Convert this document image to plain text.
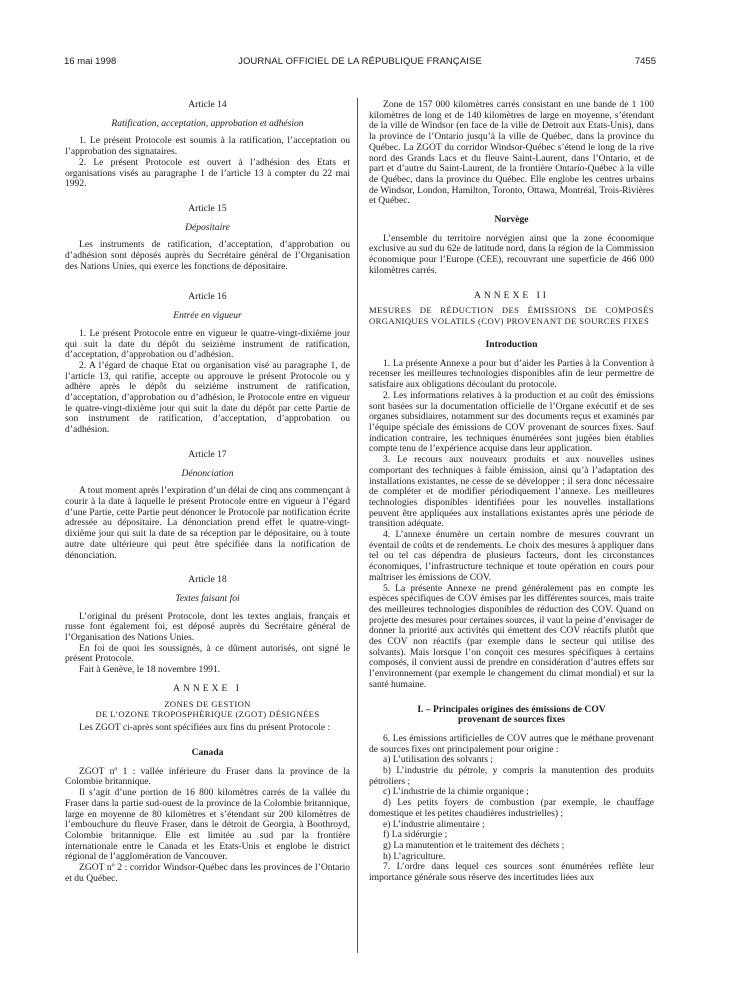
16 mai 1998	JOURNAL OFFICIEL DE LA RÉPUBLIQUE FRANÇAISE	7455
Article 14
Ratification, acceptation, approbation et adhésion

1. Le présent Protocole est soumis à la ratification, l’acceptation ou l’approbation des signataires.

2. Le présent Protocole est ouvert à l’adhésion des Etats et organisations visés au paragraphe 1 de l’article 13 à compter du 22 mai 1992.

Article 15
Dépositaire

Les instruments de ratification, d’acceptation, d’approbation ou d’adhésion sont déposés auprès du Secrétaire général de l’Organisation des Nations Unies, qui exerce les fonctions de dépositaire.

Article 16
Entrée en vigueur

1. Le présent Protocole entre en vigueur le quatre-vingt-dixième jour qui suit la date du dépôt du seizième instrument de ratification, d’acceptation, d’approbation ou d’adhésion.

2. A l’égard de chaque Etat ou organisation visé au paragraphe 1, de l’article 13, qui ratifie, accepte ou approuve le présent Protocole ou y adhère après le dépôt du seizième instrument de ratification, d’acceptation, d’approbation ou d’adhésion, le Protocole entre en vigueur le quatre-vingt-dixième jour qui suit la date du dépôt par cette Partie de son instrument de ratification, d’acceptation, d’approbation ou d’adhésion.

Article 17
Dénonciation

A tout moment après l’expiration d’un délai de cinq ans commençant à courir à la date à laquelle le présent Protocole entre en vigueur à l’égard d’une Partie, cette Partie peut dénoncer le Protocole par notification écrite adressée au dépositaire. La dénonciation prend effet le quatre-vingt-dixième jour qui suit la date de sa réception par le dépositaire, ou à toute autre date ultérieure qui peut être spécifiée dans la notification de dénonciation.

Article 18
Textes faisant foi

L’original du présent Protocole, dont les textes anglais, français et russe font également foi, est déposé auprès du Secrétaire général de l’Organisation des Nations Unies.

En foi de quoi les soussignés, à ce dûment autorisés, ont signé le présent Protocole.

Fait à Genève, le 18 novembre 1991.

ANNEXE I
ZONES DE GESTION
DE L’OZONE TROPOSPHÉRIQUE (ZGOT) DÉSIGNÉES

Les ZGOT ci-après sont spécifiées aux fins du présent Protocole :

Canada

ZGOT nº 1 : vallée inférieure du Fraser dans la province de la Colombie britannique.

Il s’agit d’une portion de 16 800 kilomètres carrés de la vallée du Fraser dans la partie sud-ouest de la province de la Colombie britannique, large en moyenne de 80 kilomètres et s’étendant sur 200 kilomètres de l’embouchure du fleuve Fraser, dans le détroit de Georgia, à Boothroyd, Colombie britannique. Elle est limitée au sud par la frontière internationale entre le Canada et les Etats-Unis et englobe le district régional de l’agglomération de Vancouver.

ZGOT nº 2 : corridor Windsor-Québec dans les provinces de l’Ontario et du Québec.

Zone de 157 000 kilomètres carrés consistant en une bande de 1 100 kilomètres de long et de 140 kilomètres de large en moyenne, s’étendant de la ville de Windsor (en face de la ville de Detroit aux Etats-Unis), dans la province de l’Ontario jusqu’à la ville de Québec, dans la province du Québec. La ZGOT du corridor Windsor-Québec s’étend le long de la rive nord des Grands Lacs et du fleuve Saint-Laurent, dans l’Ontario, et de part et d’autre du Saint-Laurent, de la frontière Ontario-Québec à la ville de Québec, dans la province du Québec. Elle englobe les centres urbains de Windsor, London, Hamilton, Toronto, Ottawa, Montréal, Trois-Rivières et Québec.

Norvège

L’ensemble du territoire norvégien ainsi que la zone économique exclusive au sud du 62e de latitude nord, dans la région de la Commission économique pour l’Europe (CEE), recouvrant une superficie de 466 000 kilomètres carrés.

ANNEXE II

MESURES DE RÉDUCTION DES ÉMISSIONS DE COMPOSÉS ORGANIQUES VOLATILS (COV) PROVENANT DE SOURCES FIXES

Introduction

1. La présente Annexe a pour but d’aider les Parties à la Convention à recenser les meilleures technologies disponibles afin de leur permettre de satisfaire aux obligations découlant du protocole.

2. Les informations relatives à la production et au coût des émissions sont basées sur la documentation officielle de l’Organe exécutif et de ses organes subsidiaires, notamment sur des documents reçus et examinés par l’équipe spéciale des émissions de COV provenant de sources fixes. Sauf indication contraire, les techniques énumérées sont jugées bien établies compte tenu de l’expérience acquise dans leur application.

3. Le recours aux nouveaux produits et aux nouvelles usines comportant des techniques à faible émission, ainsi qu’à l’adaptation des installations existantes, ne cesse de se développer ; il sera donc nécessaire de compléter et de modifier périodiquement l’annexe. Les meilleures technologies disponibles identifiées pour les nouvelles installations peuvent être appliquées aux installations existantes après une période de transition adéquate.

4. L’annexe énumère un certain nombre de mesures couvrant un éventail de coûts et de rendements. Le choix des mesures à appliquer dans tel ou tel cas dépendra de plusieurs facteurs, dont les circonstances économiques, l’infrastructure technique et toute opération en cours pour maîtriser les émissions de COV.

5. La présente Annexe ne prend généralement pas en compte les espèces spécifiques de COV émises par les différentes sources, mais traite des meilleures technologies disponibles de réduction des COV. Quand on projette des mesures pour certaines sources, il vaut la peine d’envisager de donner la priorité aux activités qui émettent des COV réactifs plutôt que des COV non réactifs (par exemple dans le secteur qui utilise des solvants). Mais lorsque l’on conçoit ces mesures spécifiques à certains composés, il convient aussi de prendre en considération d’autres effets sur l’environnement (par exemple le changement du climat mondial) et sur la santé humaine.

I. – Principales origines des émissions de COV
provenant de sources fixes

6. Les émissions artificielles de COV autres que le méthane provenant de sources fixes ont principalement pour origine :

a) L’utilisation des solvants ;

b) L’industrie du pétrole, y compris la manutention des produits pétroliers ;

c) L’industrie de la chimie organique ;

d) Les petits foyers de combustion (par exemple, le chauffage domestique et les petites chaudières industrielles) ;

e) L’industrie alimentaire ;

f) La sidérurgie ;

g) La manutention et le traitement des déchets ;

h) L’agriculture.

7. L’ordre dans lequel ces sources sont énumérées reflète leur importance générale sous réserve des incertitudes liées aux
